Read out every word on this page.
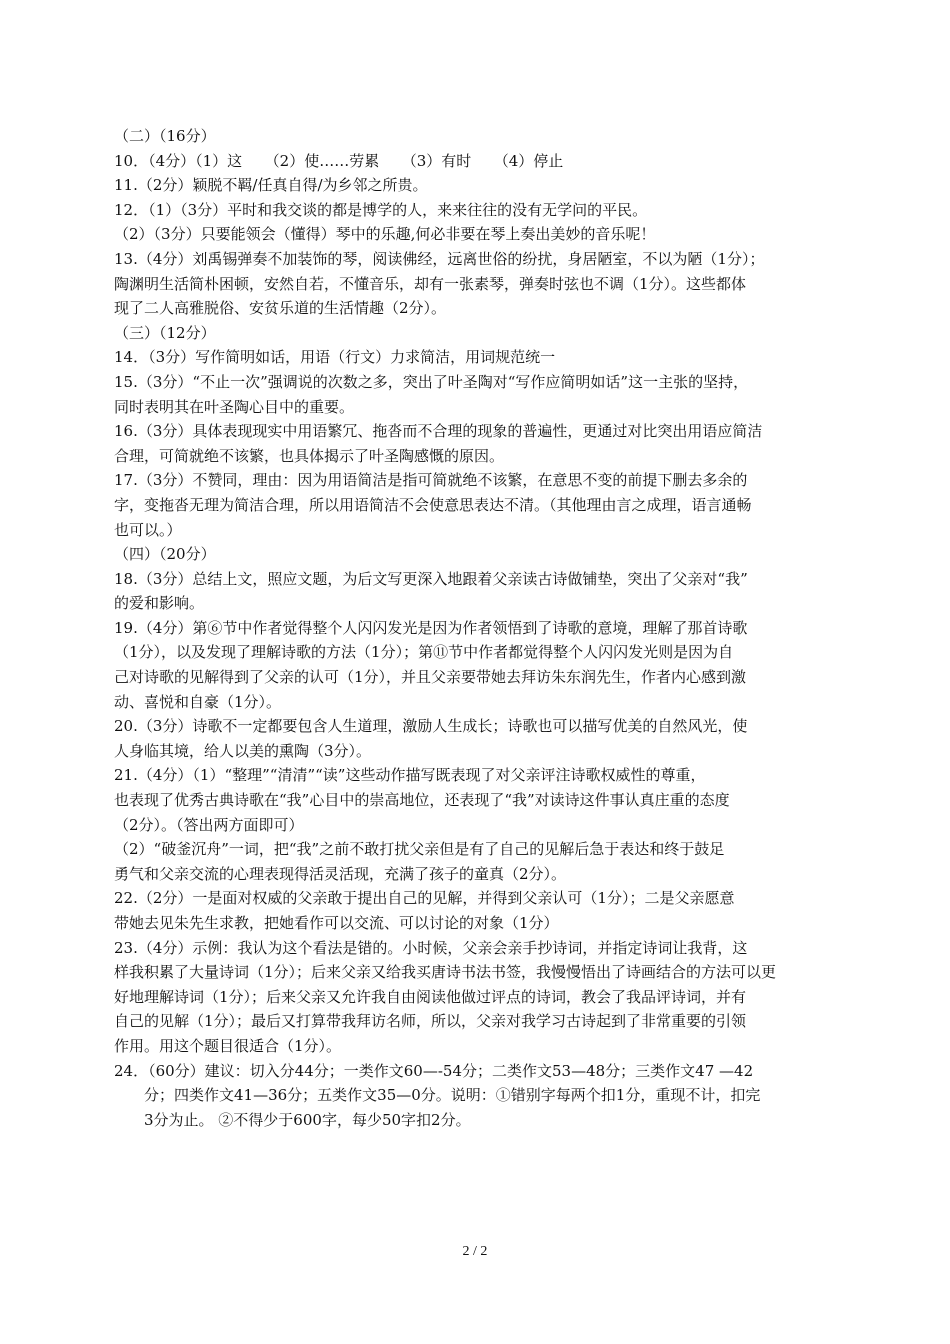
（二）（16分）
10．（4分）（1）这　　（2）使……劳累　　（3）有时　　（4）停止
11.（2分）颖脱不羁/任真自得/为乡邻之所贵。
12．（1）（3分）平时和我交谈的都是博学的人，来来往往的没有无学问的平民。
（2）（3分）只要能领会（懂得）琴中的乐趣,何必非要在琴上奏出美妙的音乐呢！
13.（4分）刘禹锡弹奏不加装饰的琴，阅读佛经，远离世俗的纷扰，身居陋室，不以为陋（1分）；
陶渊明生活简朴困顿，安然自若，不懂音乐，却有一张素琴，弹奏时弦也不调（1分）。这些都体
现了二人高雅脱俗、安贫乐道的生活情趣（2分）。
（三）（12分）
14．（3分）写作简明如话，用语（行文）力求简洁，用词规范统一
15.（3分）“不止一次”强调说的次数之多，突出了叶圣陶对“写作应简明如话”这一主张的坚持，
同时表明其在叶圣陶心目中的重要。
16.（3分）具体表现现实中用语繁冗、拖沓而不合理的现象的普遍性，更通过对比突出用语应简洁
合理，可简就绝不该繁，也具体揭示了叶圣陶感慨的原因。
17.（3分）不赞同，理由：因为用语简洁是指可简就绝不该繁，在意思不变的前提下删去多余的
字，变拖沓无理为简洁合理，所以用语简洁不会使意思表达不清。（其他理由言之成理，语言通畅
也可以。）
（四）（20分）
18.（3分）总结上文，照应文题，为后文写更深入地跟着父亲读古诗做铺垫，突出了父亲对“我”
的爱和影响。
19.（4分）第⑥节中作者觉得整个人闪闪发光是因为作者领悟到了诗歌的意境，理解了那首诗歌
（1分），以及发现了理解诗歌的方法（1分）；第⑪节中作者都觉得整个人闪闪发光则是因为自
己对诗歌的见解得到了父亲的认可（1分），并且父亲要带她去拜访朱东润先生，作者内心感到激
动、喜悦和自豪（1分）。
20.（3分）诗歌不一定都要包含人生道理，激励人生成长；诗歌也可以描写优美的自然风光，使
人身临其境，给人以美的熏陶（3分）。
21.（4分）（1）“整理”“清清”“读”这些动作描写既表现了对父亲评注诗歌权威性的尊重，
也表现了优秀古典诗歌在“我”心目中的崇高地位，还表现了“我”对读诗这件事认真庄重的态度
（2分）。（答出两方面即可）
（2）“破釜沉舟”一词，把“我”之前不敢打扰父亲但是有了自己的见解后急于表达和终于鼓足
勇气和父亲交流的心理表现得活灵活现，充满了孩子的童真（2分）。
22.（2分）一是面对权威的父亲敢于提出自己的见解，并得到父亲认可（1分）；二是父亲愿意
带她去见朱先生求教，把她看作可以交流、可以讨论的对象（1分）
23.（4分）示例：我认为这个看法是错的。小时候，父亲会亲手抄诗词，并指定诗词让我背，这
样我积累了大量诗词（1分）；后来父亲又给我买唐诗书法书签，我慢慢悟出了诗画结合的方法可以更
好地理解诗词（1分）；后来父亲又允许我自由阅读他做过评点的诗词，教会了我品评诗词，并有
自己的见解（1分）；最后又打算带我拜访名师，所以，父亲对我学习古诗起到了非常重要的引领
作用。用这个题目很适合（1分）。
24．（60分）建议：切入分44分；一类作文60—-54分；二类作文53—48分；三类作文47 —42
分；四类作文41—36分；五类作文35—0分。说明：①错别字每两个扣1分，重现不计，扣完
3分为止。 ②不得少于600字，每少50字扣2分。
2 / 2
